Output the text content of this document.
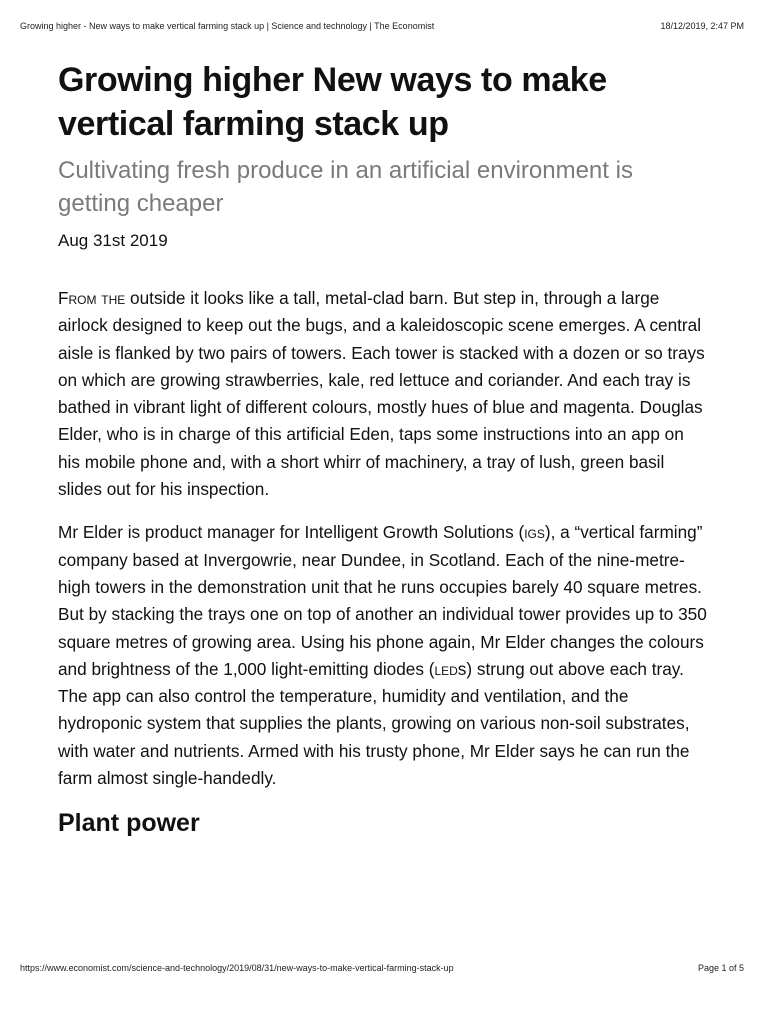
Growing higher - New ways to make vertical farming stack up | Science and technology | The Economist	18/12/2019, 2:47 PM
Growing higher New ways to make vertical farming stack up
Cultivating fresh produce in an artificial environment is getting cheaper
Aug 31st 2019

From the outside it looks like a tall, metal-clad barn. But step in, through a large airlock designed to keep out the bugs, and a kaleidoscopic scene emerges. A central aisle is flanked by two pairs of towers. Each tower is stacked with a dozen or so trays on which are growing strawberries, kale, red lettuce and coriander. And each tray is bathed in vibrant light of different colours, mostly hues of blue and magenta. Douglas Elder, who is in charge of this artificial Eden, taps some instructions into an app on his mobile phone and, with a short whirr of machinery, a tray of lush, green basil slides out for his inspection.

Mr Elder is product manager for Intelligent Growth Solutions (igs), a “vertical farming” company based at Invergowrie, near Dundee, in Scotland. Each of the nine-metre-high towers in the demonstration unit that he runs occupies barely 40 square metres. But by stacking the trays one on top of another an individual tower provides up to 350 square metres of growing area. Using his phone again, Mr Elder changes the colours and brightness of the 1,000 light-emitting diodes (leds) strung out above each tray. The app can also control the temperature, humidity and ventilation, and the hydroponic system that supplies the plants, growing on various non-soil substrates, with water and nutrients. Armed with his trusty phone, Mr Elder says he can run the farm almost single-handedly.

Plant power
https://www.economist.com/science-and-technology/2019/08/31/new-ways-to-make-vertical-farming-stack-up	Page 1 of 5
